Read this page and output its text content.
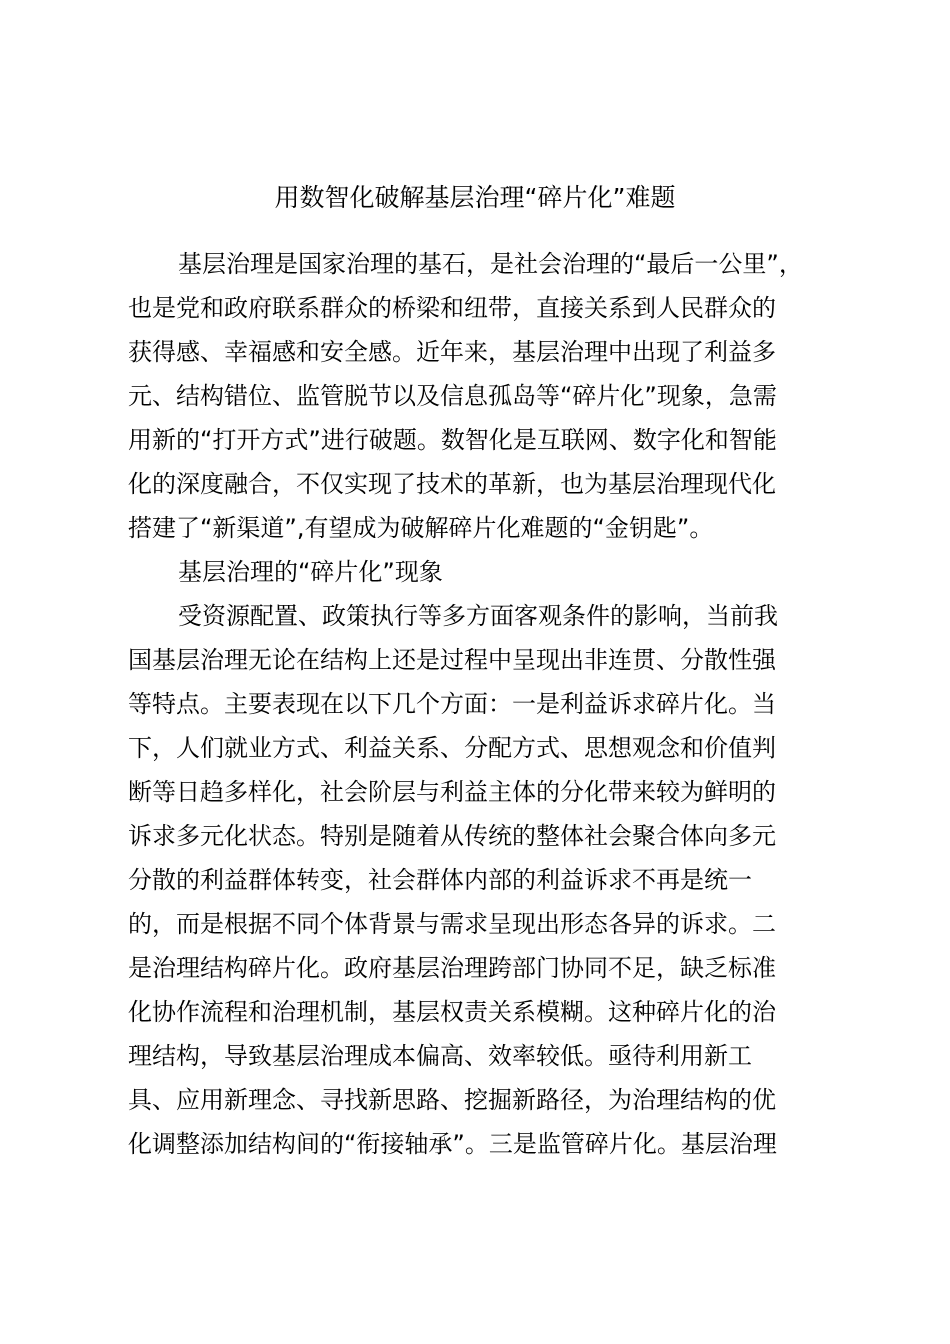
用数智化破解基层治理“碎片化”难题
基层治理是国家治理的基石，是社会治理的“最后一公里”，
也是党和政府联系群众的桥梁和纽带，直接关系到人民群众的
获得感、幸福感和安全感。近年来，基层治理中出现了利益多
元、结构错位、监管脱节以及信息孤岛等“碎片化”现象，急需
用新的“打开方式”进行破题。数智化是互联网、数字化和智能
化的深度融合，不仅实现了技术的革新，也为基层治理现代化
搭建了“新渠道”,有望成为破解碎片化难题的“金钥匙”。
基层治理的“碎片化”现象
受资源配置、政策执行等多方面客观条件的影响，当前我
国基层治理无论在结构上还是过程中呈现出非连贯、分散性强
等特点。主要表现在以下几个方面：一是利益诉求碎片化。当
下，人们就业方式、利益关系、分配方式、思想观念和价值判
断等日趋多样化，社会阶层与利益主体的分化带来较为鲜明的
诉求多元化状态。特别是随着从传统的整体社会聚合体向多元
分散的利益群体转变，社会群体内部的利益诉求不再是统一
的，而是根据不同个体背景与需求呈现出形态各异的诉求。二
是治理结构碎片化。政府基层治理跨部门协同不足，缺乏标准
化协作流程和治理机制，基层权责关系模糊。这种碎片化的治
理结构，导致基层治理成本偏高、效率较低。亟待利用新工
具、应用新理念、寻找新思路、挖掘新路径，为治理结构的优
化调整添加结构间的“衔接轴承”。三是监管碎片化。基层治理
